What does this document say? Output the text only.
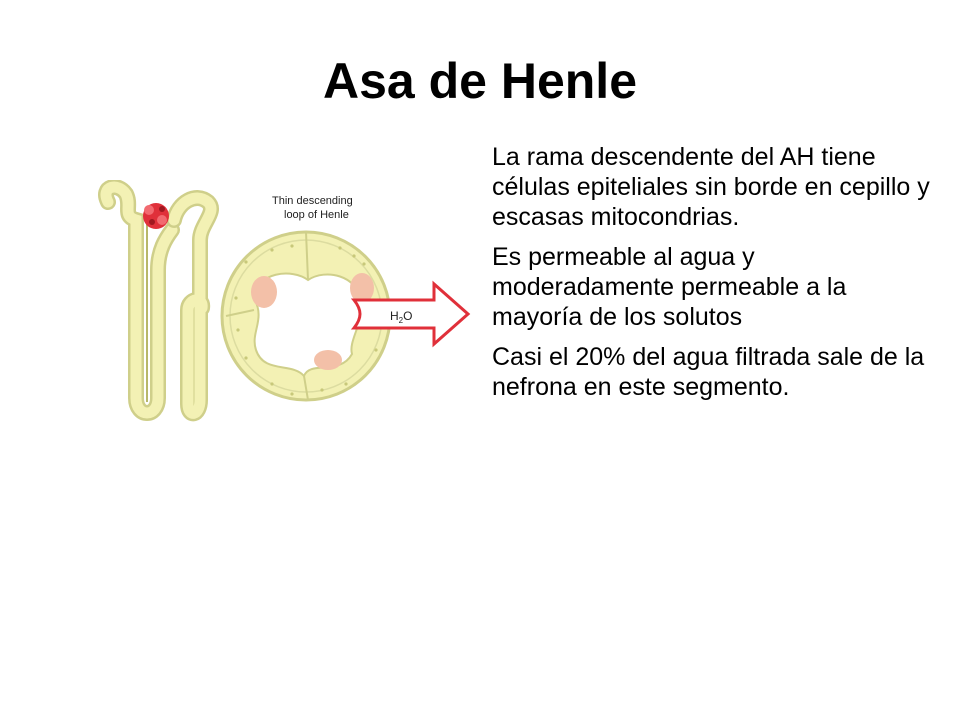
Asa de Henle
Thin descending
loop of Henle
$H_2O$

La rama descendente del AH tiene células epiteliales sin borde en cepillo y escasas mitocondrias.

Es permeable al agua y moderadamente permeable a la mayoría de los solutos

Casi el 20% del agua filtrada sale de la nefrona en este segmento.
